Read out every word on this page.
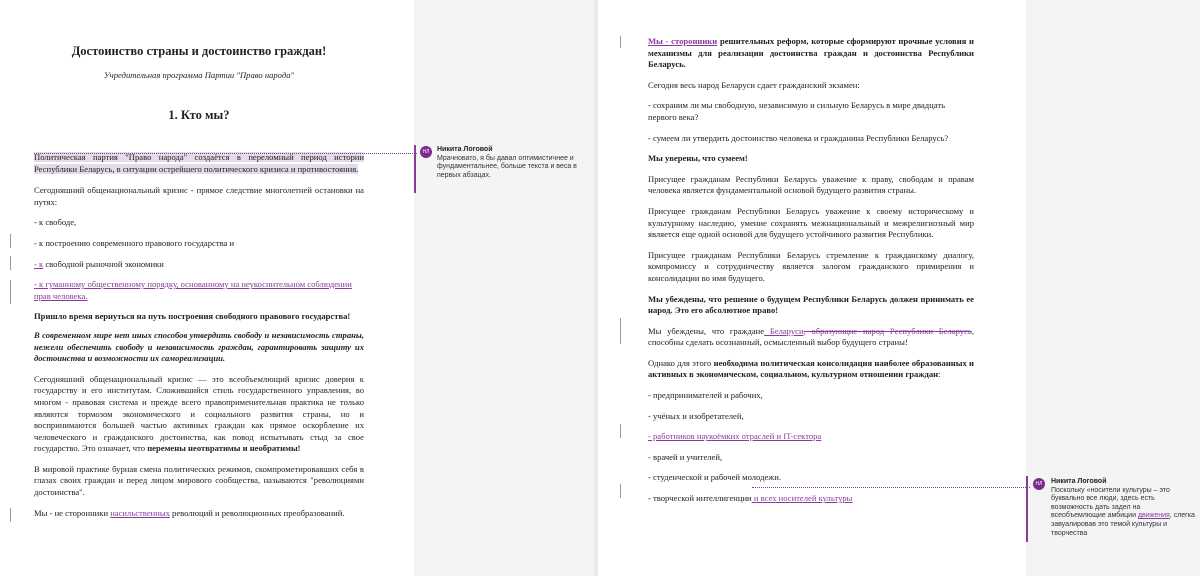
Достоинство страны и достоинство граждан!
Учредительная программа Партии "Право народа"
1. Кто мы?

Политическая партия "Право народа" создаётся в переломный период истории Республики Беларусь, в ситуации острейшего политического кризиса и противостояния.

Сегодняшний общенациональный кризис - прямое следствие многолетней остановки на путях:

- к свободе,

- к построению современного правового государства и

- к свободной рыночной экономики

- к гуманному общественному порядку, основанному на неукоснительном соблюдении прав человека.

Пришло время вернуться на путь построения свободного правового государства!

В современном мире нет иных способов утвердить свободу и независимость страны, нежели обеспечить свободу и независимость граждан, гарантировать защиту их достоинства и возможности их самореализации.

Сегодняшний общенациональный кризис — это всеобъемлющий кризис доверия к государству и его институтам. Сложившийся стиль государственного управления, во многом - правовая система и прежде всего правоприменительная практика не только являются тормозом экономического и социального развития страны, но и воспринимаются большей частью активных граждан как прямое оскорбление их человеческого и гражданского достоинства, как повод испытывать стыд за свое государство. Это означает, что перемены неотвратимы и необратимы!

В мировой практике бурная смена политических режимов, скомпрометировавших себя в глазах своих граждан и перед лицом мирового сообщества, называются "революциями достоинства".

Мы - не сторонники насильственных революций и революционных преобразований.

НЛ	Никита Логовой
Мрачновато, я бы давал оптимистичнее и фундаментальнее, больше текста и веса в первых абзацах.

Мы - сторонники решительных реформ, которые сформируют прочные условия и механизмы для реализации достоинства граждан и достоинства Республики Беларусь.

Сегодня весь народ Беларуси сдает гражданский экзамен:

- сохраним ли мы свободную, независимую и сильную Беларусь в мире двадцать первого века?

- сумеем ли утвердить достоинство человека и гражданина Республики Беларусь?

Мы уверены, что сумеем!

Присущее гражданам Республики Беларусь уважение к праву, свободам и правам человека является фундаментальной основой будущего развития страны.

Присущее гражданам Республики Беларусь уважение к своему историческому и культурному наследию, умение сохранять межнациональный и межрелигиозный мир является еще одной основой для будущего устойчивого развития Республики.

Присущее гражданам Республики Беларусь стремление к гражданскому диалогу, компромиссу и сотрудничеству является залогом гражданского примирения и консолидации во имя будущего.

Мы убеждены, что решение о будущем Республики Беларусь должен принимать ее народ. Это его абсолютное право!

Мы убеждены, что граждане Беларуси, образующие народ Республики Беларусь, способны сделать осознанный, осмысленный выбор будущего страны!

Однако для этого необходима политическая консолидация наиболее образованных и активных в экономическом, социальном, культурном отношении граждан:

- предпринимателей и рабочих,

- учёных и изобретателей,

- работников наукоёмких отраслей и IT-сектора

- врачей и учителей,

- студенческой и рабочей молодежи.

- творческой интеллигенции и всех носителей культуры

НЛ	Никита Логовой
Поскольку «носители культуры – это буквально все люди, здесь есть возможность дать задел на всеобъемлющие амбиции движения, слегка завуалировав это темой культуры и творчества
